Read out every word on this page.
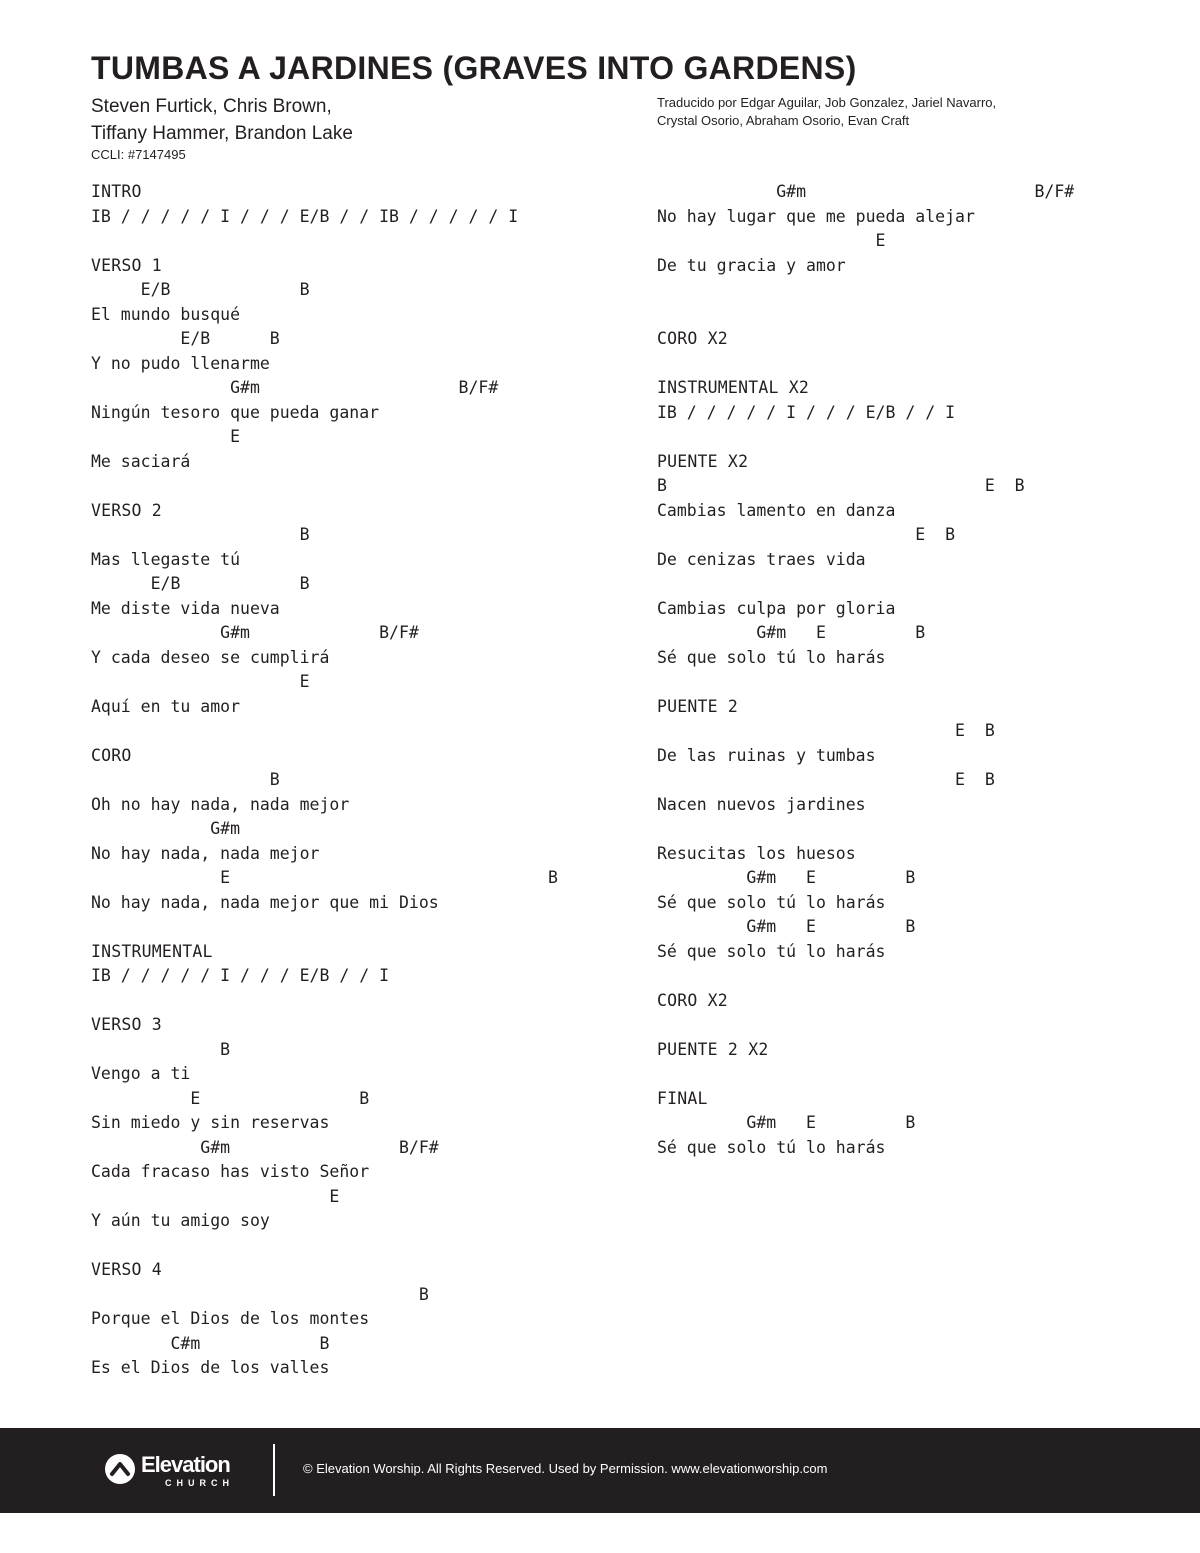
TUMBAS A JARDINES (GRAVES INTO GARDENS)
Steven Furtick, Chris Brown,
Tiffany Hammer, Brandon Lake
CCLI: #7147495
Traducido por Edgar Aguilar, Job Gonzalez, Jariel Navarro,
Crystal Osorio, Abraham Osorio, Evan Craft
INTRO
IB / / / / / I / / / E/B / / IB / / / / / I
VERSO 1
E/B             B
El mundo busqué
E/B      B
Y no pudo llenarme
G#m                    B/F#
Ningún tesoro que pueda ganar
E
Me saciará
VERSO 2
B
Mas llegaste tú
E/B            B
Me diste vida nueva
G#m             B/F#
Y cada deseo se cumplirá
E
Aquí en tu amor
CORO
B
Oh no hay nada, nada mejor
G#m
No hay nada, nada mejor
E                                B
No hay nada, nada mejor que mi Dios
INSTRUMENTAL
IB / / / / / I / / / E/B / / I
VERSO 3
B
Vengo a ti
E                B
Sin miedo y sin reservas
G#m                 B/F#
Cada fracaso has visto Señor
E
Y aún tu amigo soy
VERSO 4
B
Porque el Dios de los montes
C#m            B
Es el Dios de los valles
G#m                       B/F#
No hay lugar que me pueda alejar
E
De tu gracia y amor
CORO X2
INSTRUMENTAL X2
IB / / / / / I / / / E/B / / I
PUENTE X2
B                                E  B
Cambias lamento en danza
E  B
De cenizas traes vida
Cambias culpa por gloria
G#m   E         B
Sé que solo tú lo harás
PUENTE 2
E  B
De las ruinas y tumbas
E  B
Nacen nuevos jardines
Resucitas los huesos
G#m   E         B
Sé que solo tú lo harás
G#m   E         B
Sé que solo tú lo harás
CORO X2
PUENTE 2 X2
FINAL
G#m   E         B
Sé que solo tú lo harás
Elevation
CHURCH
© Elevation Worship. All Rights Reserved. Used by Permission. www.elevationworship.com
